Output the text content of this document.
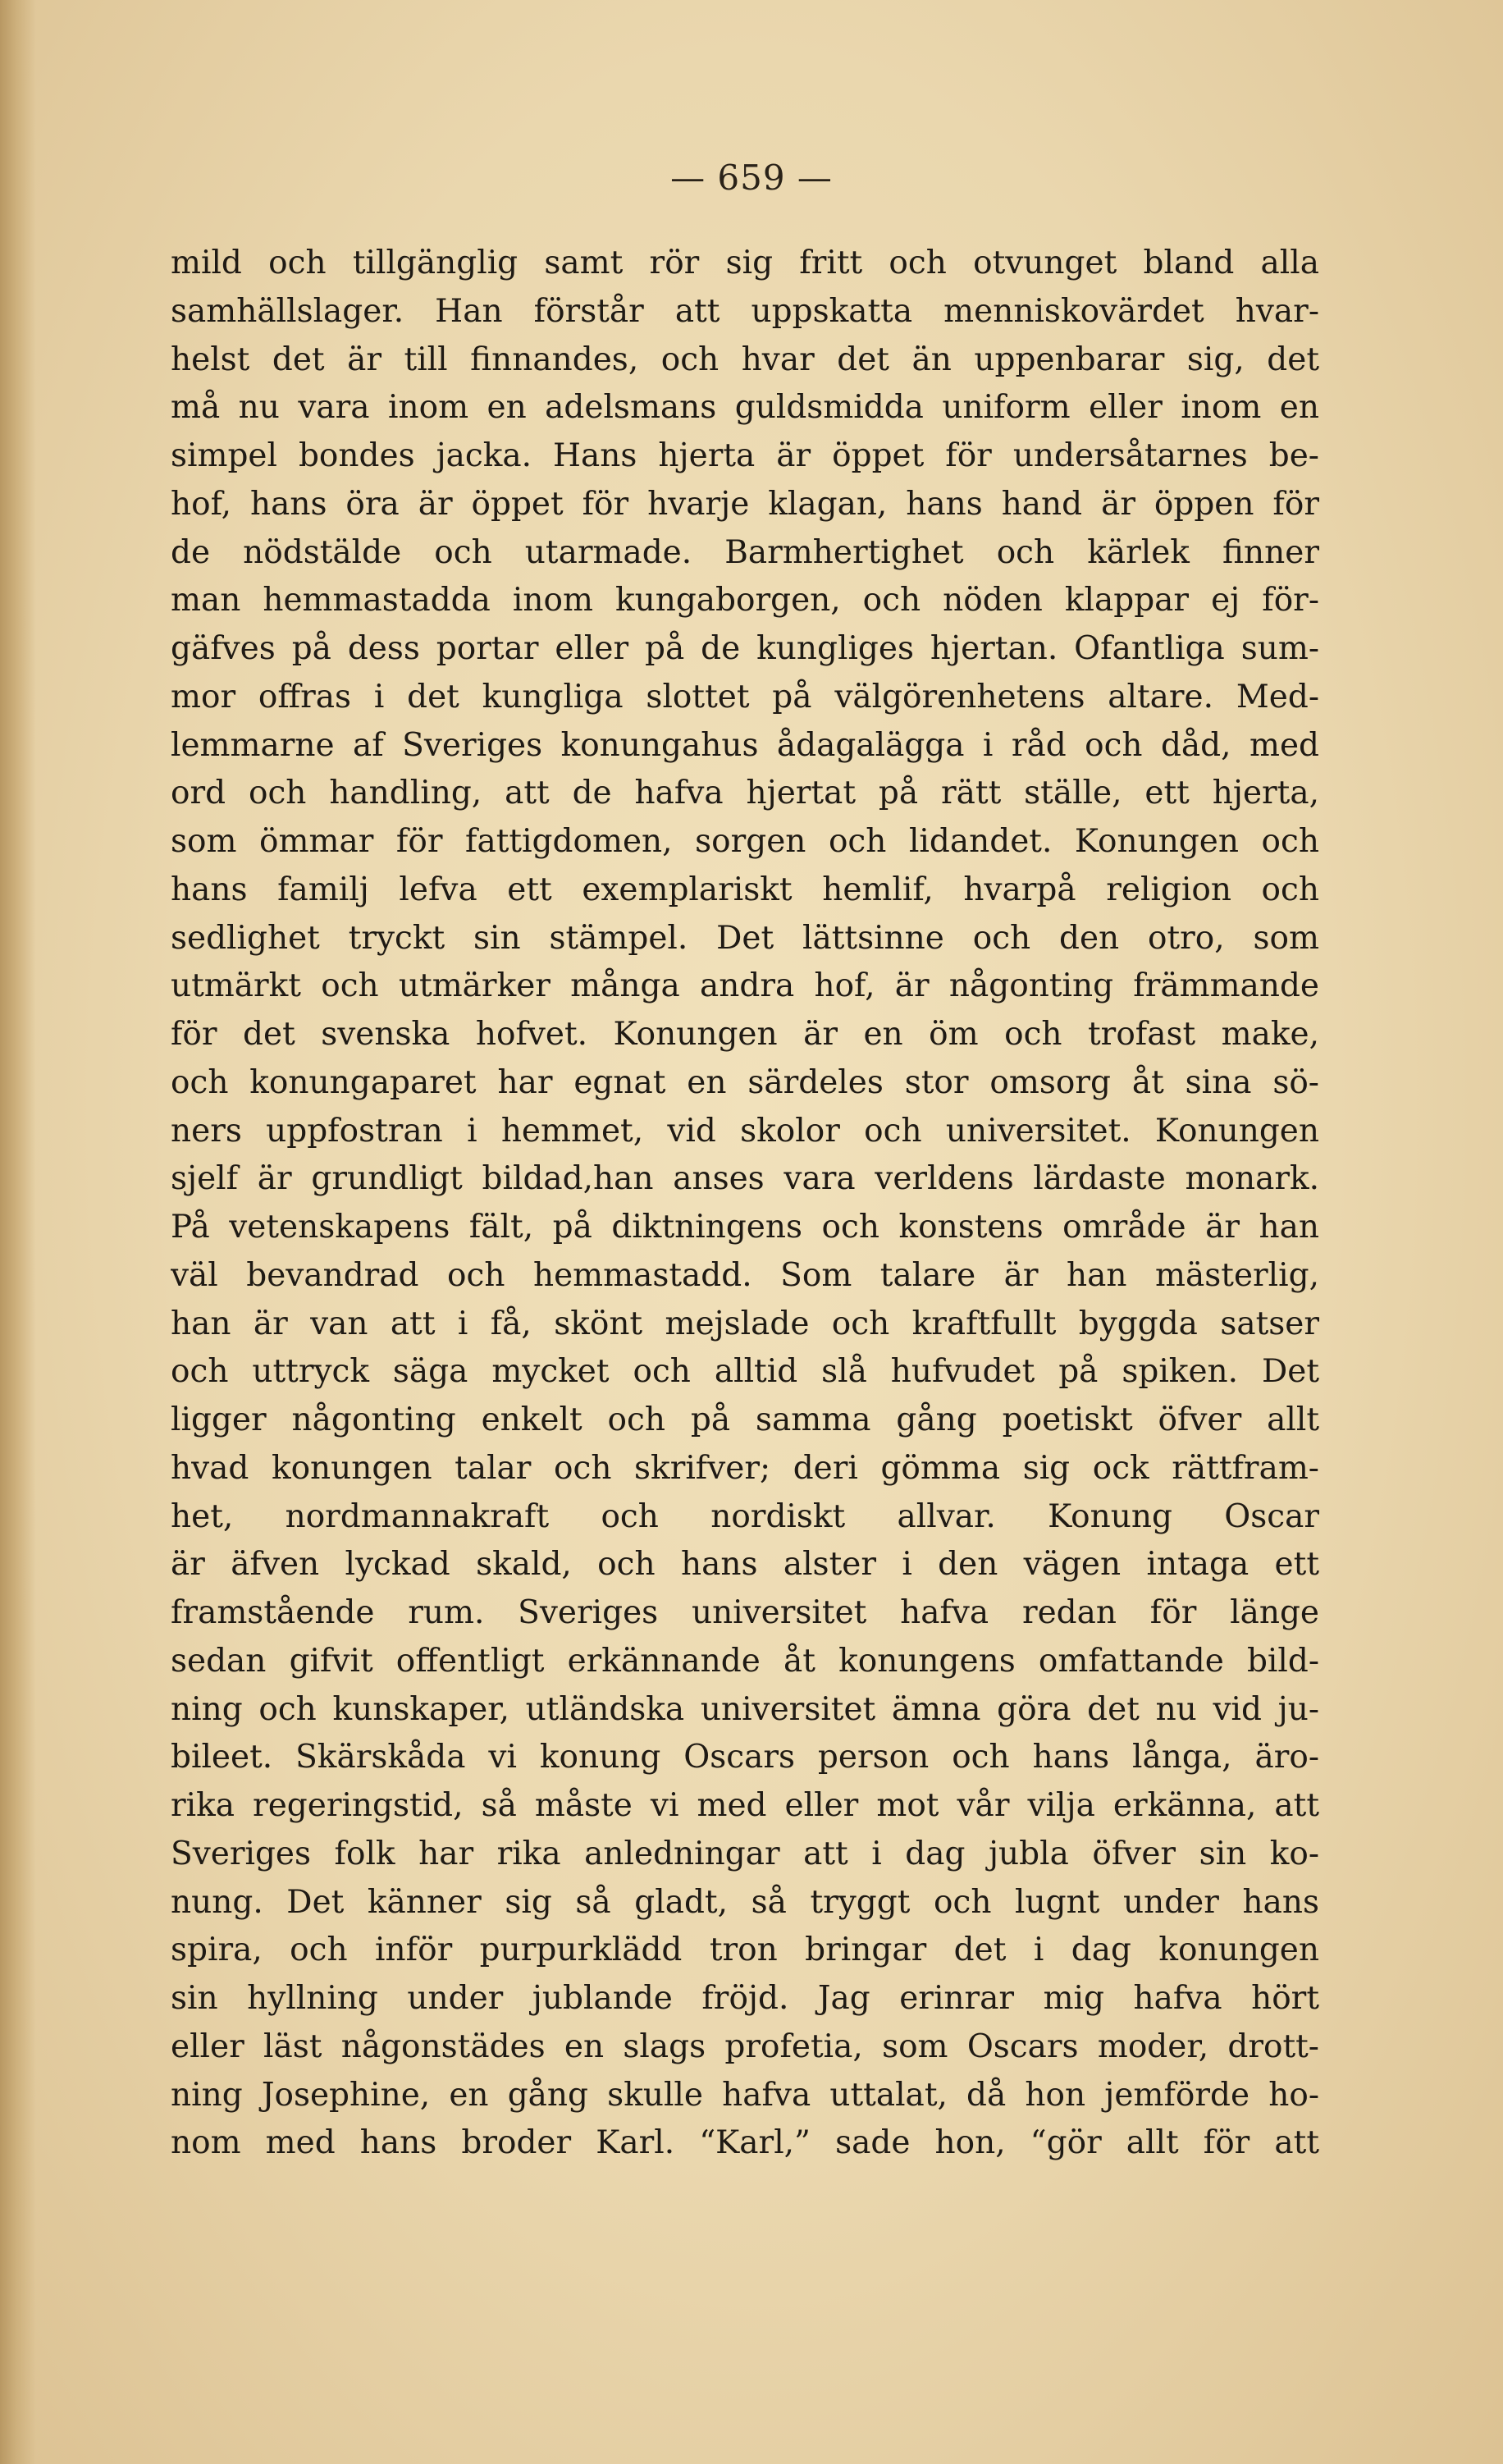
— 659 —
mild och tillgänglig samt rör sig fritt och otvunget bland alla
samhällslager. Han förstår att uppskatta menniskovärdet hvar-
helst det är till finnandes, och hvar det än uppenbarar sig, det
må nu vara inom en adelsmans guldsmidda uniform eller inom en
simpel bondes jacka. Hans hjerta är öppet för undersåtarnes be-
hof, hans öra är öppet för hvarje klagan, hans hand är öppen för
de nödstälde och utarmade. Barmhertighet och kärlek finner
man hemmastadda inom kungaborgen, och nöden klappar ej för-
gäfves på dess portar eller på de kungliges hjertan. Ofantliga sum-
mor offras i det kungliga slottet på välgörenhetens altare. Med-
lemmarne af Sveriges konungahus ådagalägga i råd och dåd, med
ord och handling, att de hafva hjertat på rätt ställe, ett hjerta,
som ömmar för fattigdomen, sorgen och lidandet. Konungen och
hans familj lefva ett exemplariskt hemlif, hvarpå religion och
sedlighet tryckt sin stämpel. Det lättsinne och den otro, som
utmärkt och utmärker många andra hof, är någonting främmande
för det svenska hofvet. Konungen är en öm och trofast make,
och konungaparet har egnat en särdeles stor omsorg åt sina sö-
ners uppfostran i hemmet, vid skolor och universitet. Konungen
sjelf är grundligt bildad,han anses vara verldens lärdaste monark.
På vetenskapens fält, på diktningens och konstens område är han
väl bevandrad och hemmastadd. Som talare är han mästerlig,
han är van att i få, skönt mejslade och kraftfullt byggda satser
och uttryck säga mycket och alltid slå hufvudet på spiken. Det
ligger någonting enkelt och på samma gång poetiskt öfver allt
hvad konungen talar och skrifver; deri gömma sig ock rättfram-
het, nordmannakraft och nordiskt allvar. Konung Oscar
är äfven lyckad skald, och hans alster i den vägen intaga ett
framstående rum. Sveriges universitet hafva redan för länge
sedan gifvit offentligt erkännande åt konungens omfattande bild-
ning och kunskaper, utländska universitet ämna göra det nu vid ju-
bileet. Skärskåda vi konung Oscars person och hans långa, äro-
rika regeringstid, så måste vi med eller mot vår vilja erkänna, att
Sveriges folk har rika anledningar att i dag jubla öfver sin ko-
nung. Det känner sig så gladt, så tryggt och lugnt under hans
spira, och inför purpurklädd tron bringar det i dag konungen
sin hyllning under jublande fröjd. Jag erinrar mig hafva hört
eller läst någonstädes en slags profetia, som Oscars moder, drott-
ning Josephine, en gång skulle hafva uttalat, då hon jemförde ho-
nom med hans broder Karl. “Karl,” sade hon, “gör allt för att
